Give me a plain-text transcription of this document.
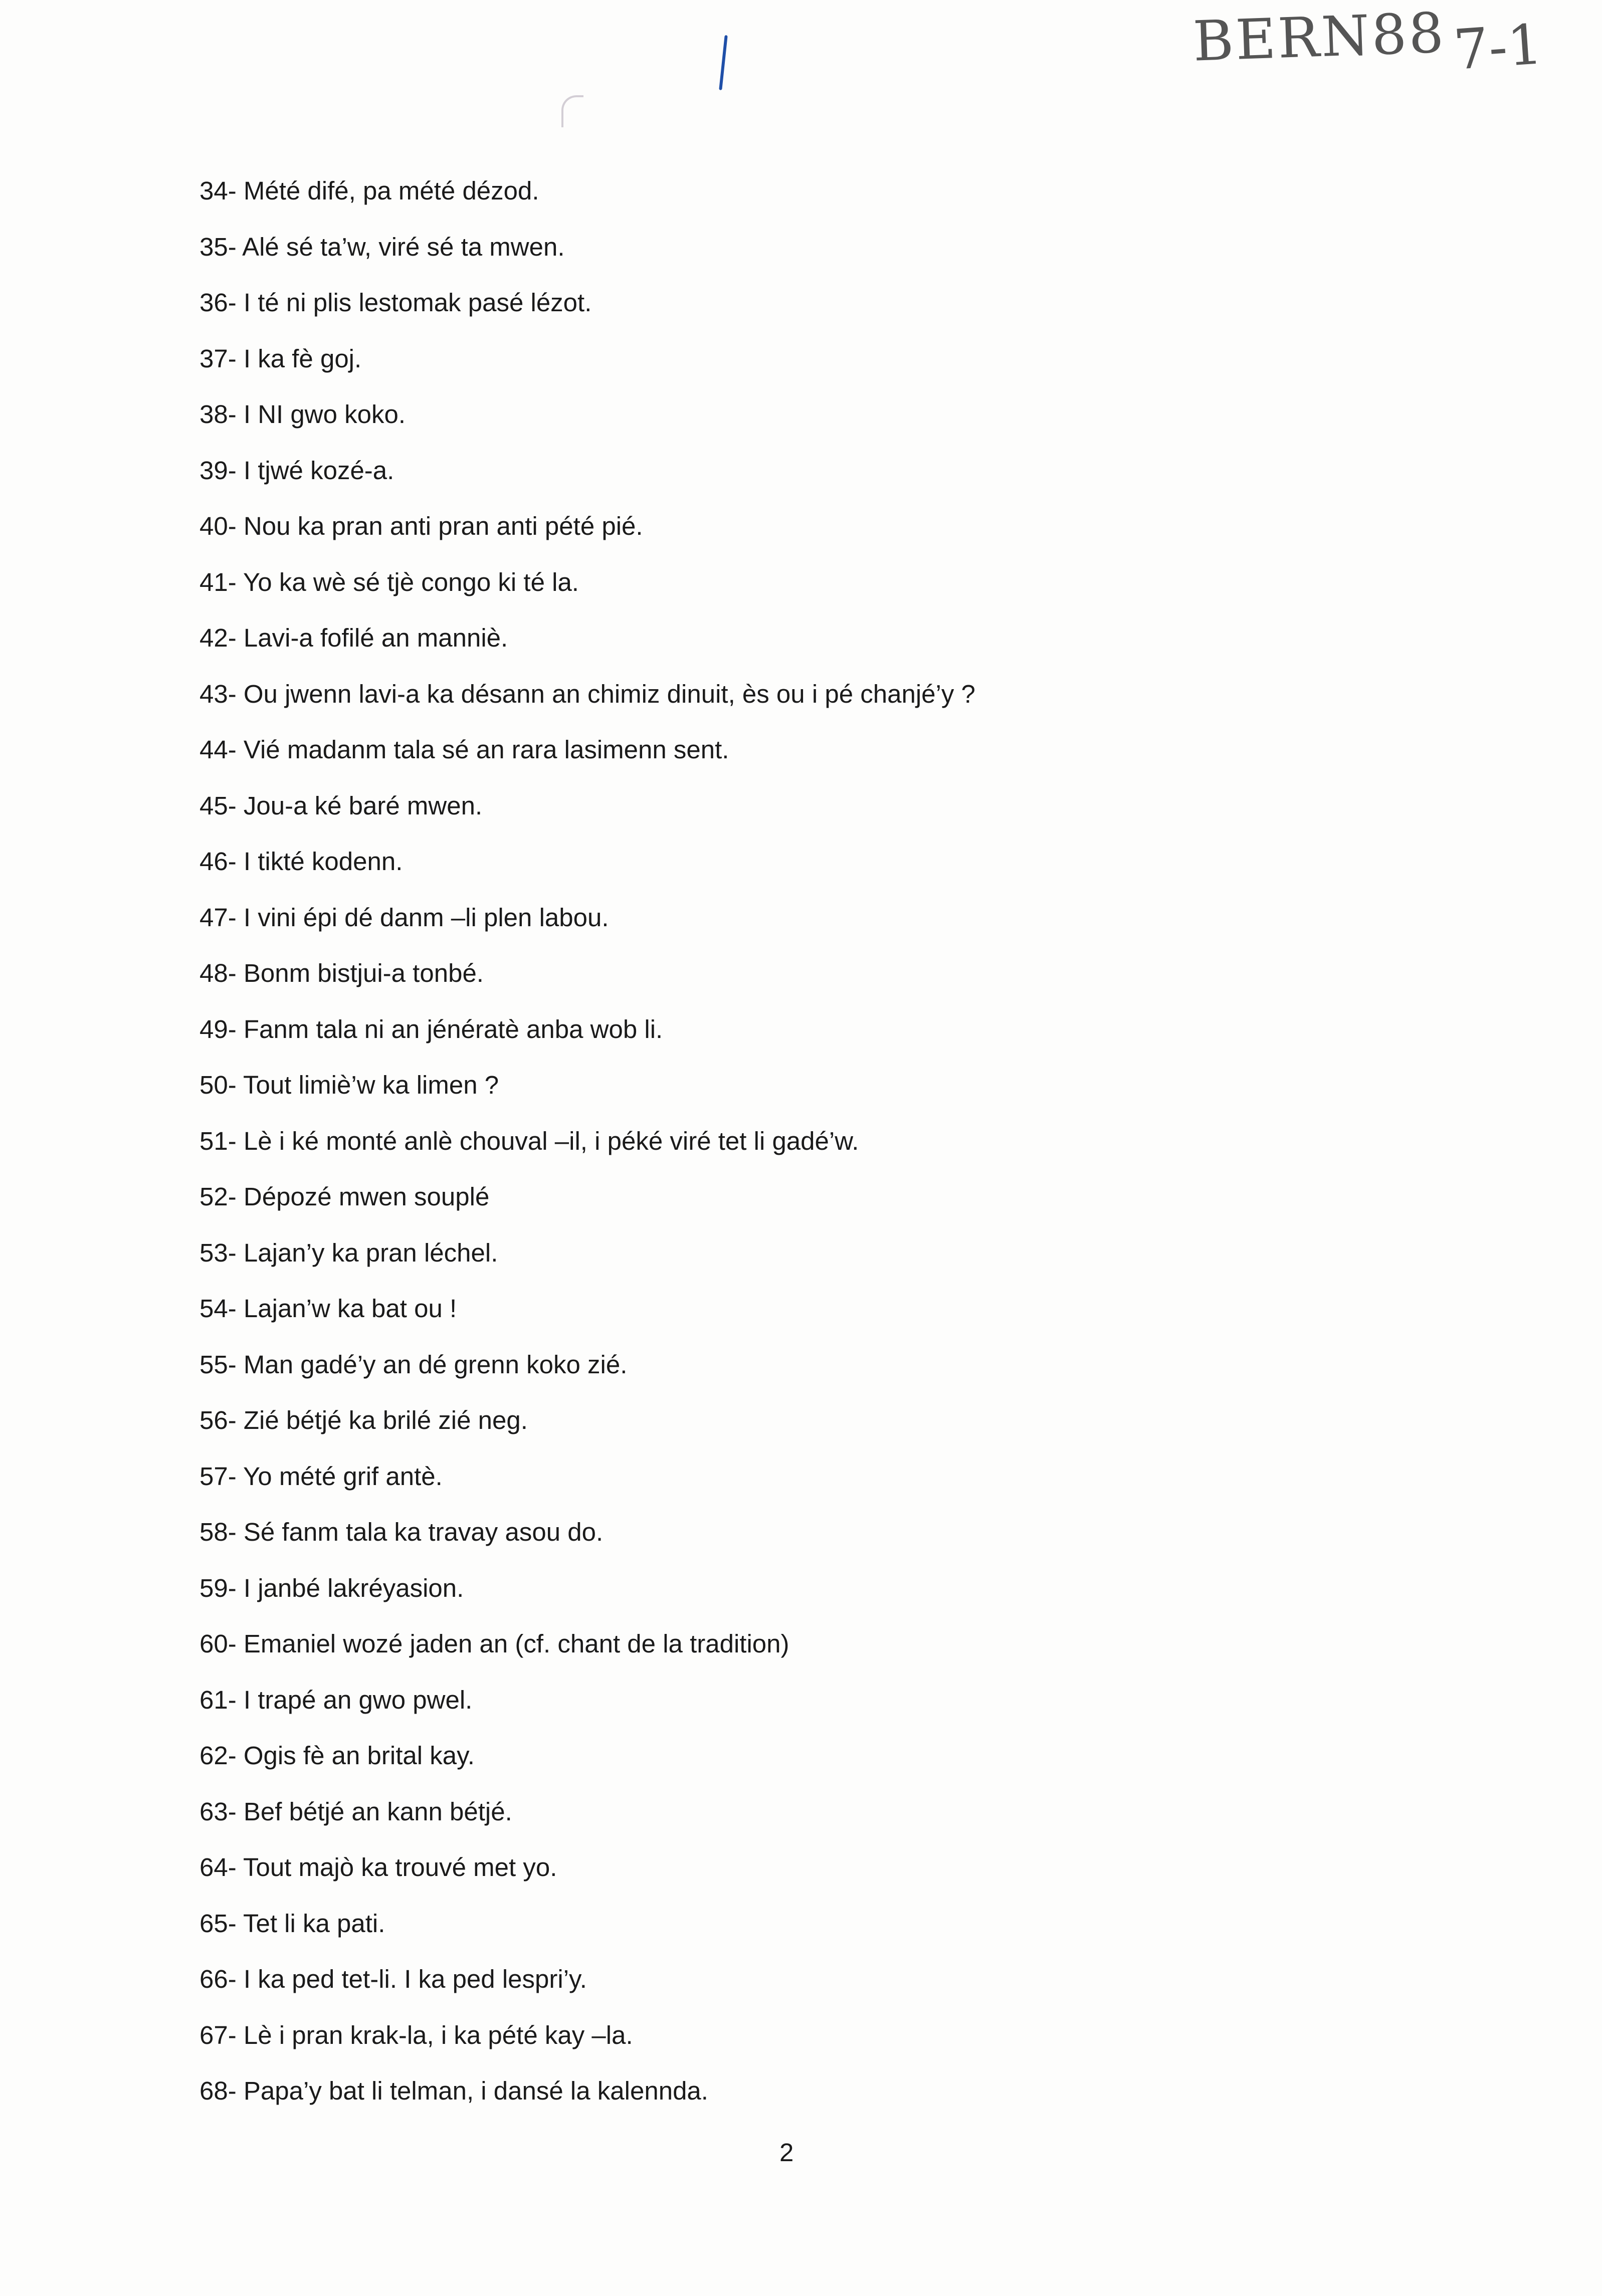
BERN88 7-1
34- Mété difé, pa mété dézod.
35- Alé sé ta’w, viré sé ta mwen.
36- I té ni plis lestomak pasé lézot.
37- I ka fè goj.
38- I NI gwo koko.
39- I tjwé kozé-a.
40- Nou ka pran anti pran anti pété pié.
41- Yo ka wè sé tjè congo ki té la.
42- Lavi-a fofilé an manniè.
43- Ou jwenn lavi-a ka désann an chimiz dinuit, ès ou i pé chanjé’y ?
44- Vié madanm tala sé an rara lasimenn sent.
45- Jou-a ké baré mwen.
46- I tikté kodenn.
47- I vini épi dé danm –li plen labou.
48- Bonm bistjui-a tonbé.
49- Fanm tala ni an jénératè anba wob li.
50- Tout limiè’w ka limen ?
51- Lè i ké monté anlè chouval –il, i péké viré tet li gadé’w.
52- Dépozé mwen souplé
53- Lajan’y ka pran léchel.
54- Lajan’w ka bat ou !
55- Man gadé’y an dé grenn koko zié.
56- Zié bétjé ka brilé zié neg.
57- Yo mété grif antè.
58- Sé fanm tala ka travay asou do.
59- I janbé lakréyasion.
60- Emaniel wozé jaden an (cf. chant de la tradition)
61- I trapé an gwo pwel.
62- Ogis fè an brital kay.
63- Bef bétjé an kann bétjé.
64- Tout majò ka trouvé met yo.
65- Tet li ka pati.
66- I ka ped tet-li. I ka ped lespri’y.
67- Lè i pran krak-la, i ka pété kay –la.
68- Papa’y bat li telman, i dansé la kalennda.
2
